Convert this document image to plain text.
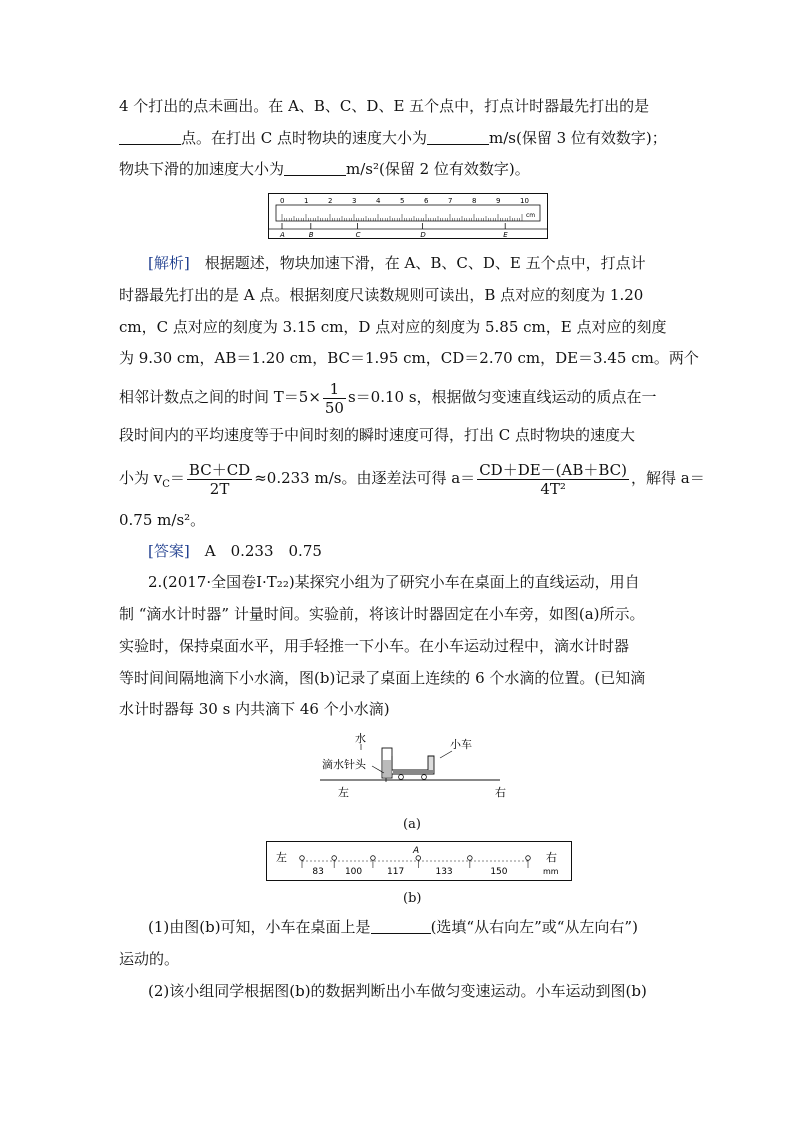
4 个打出的点未画出。在 A、B、C、D、E 五个点中，打点计时器最先打出的是
点。在打出 C 点时物块的速度大小为	m/s(保留 3 位有效数字)；
物块下滑的加速度大小为	m/s²(保留 2 位有效数字)。
0	1	2	3	4	5	6	7	8	9	10
cm
A	B	C	D	E
[解析]　 根据题述，物块加速下滑，在 A、B、C、D、E 五个点中，打点计
时器最先打出的是 A 点。根据刻度尺读数规则可读出，B 点对应的刻度为 1.20
cm，C 点对应的刻度为 3.15 cm，D 点对应的刻度为 5.85 cm，E 点对应的刻度
为 9.30 cm，AB＝1.20 cm，BC＝1.95 cm，CD＝2.70 cm，DE＝3.45 cm。两个
相邻计数点之间的时间 $T=5\times \frac{1}{50} s=0.10$ s，根据做匀变速直线运动的质点在一
段时间内的平均速度等于中间时刻的瞬时速度可得，打出 C 点时物块的速度大
小为 $v_C= \frac{BC+CD}{2T} \approx 0.233$ m/s。由逐差法可得 $a= \frac{CD+DE-(AB+BC)}{\text{4T²}}$ ，解得 a＝
0.75 m/s²。
[答案]　 A　0.233　0.75
2.(2017·全国卷Ⅰ·T₂₂)某探究小组为了研究小车在桌面上的直线运动，用自
制 “滴水计时器” 计量时间。实验前，将该计时器固定在小车旁，如图(a)所示。
实验时，保持桌面水平，用手轻推一下小车。在小车运动过程中，滴水计时器
等时间间隔地滴下小水滴，图(b)记录了桌面上连续的 6 个水滴的位置。(已知滴
水计时器每 30 s 内共滴下 46 个小水滴)
水	小车
滴水针头
左	右
(a)
左	右
mm
A
83 100	117	133	150
(b)
(1)由图(b)可知，小车在桌面上是	(选填“从右向左”或“从左向右”)
运动的。
(2)该小组同学根据图(b)的数据判断出小车做匀变速运动。小车运动到图(b)
